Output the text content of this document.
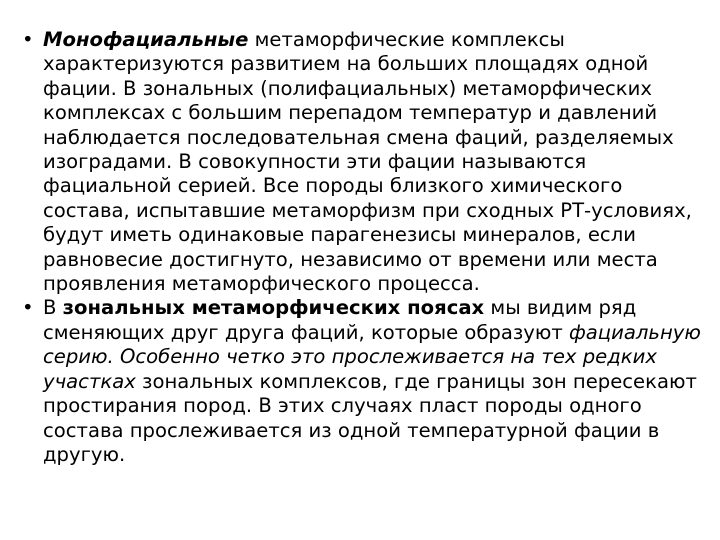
• Монофациальные метаморфические комплексы характеризуются развитием на больших площадях одной фации. В зональных (полифациальных) метаморфических комплексах с большим перепадом температур и давлений наблюдается последовательная смена фаций, разделяемых изоградами. В совокупности эти фации называются фациальной серией. Все породы близкого химического состава, испытавшие метаморфизм при сходных РТ-условиях, будут иметь одинаковые парагенезисы минералов, если равновесие достигнуто, независимо от времени или места проявления метаморфического процесса.
• В зональных метаморфических поясах мы видим ряд сменяющих друг друга фаций, которые образуют фациальную серию. Особенно четко это прослеживается на тех редких участках зональных комплексов, где границы зон пересекают простирания пород. В этих случаях пласт породы одного состава прослеживается из одной температурной фации в другую.
